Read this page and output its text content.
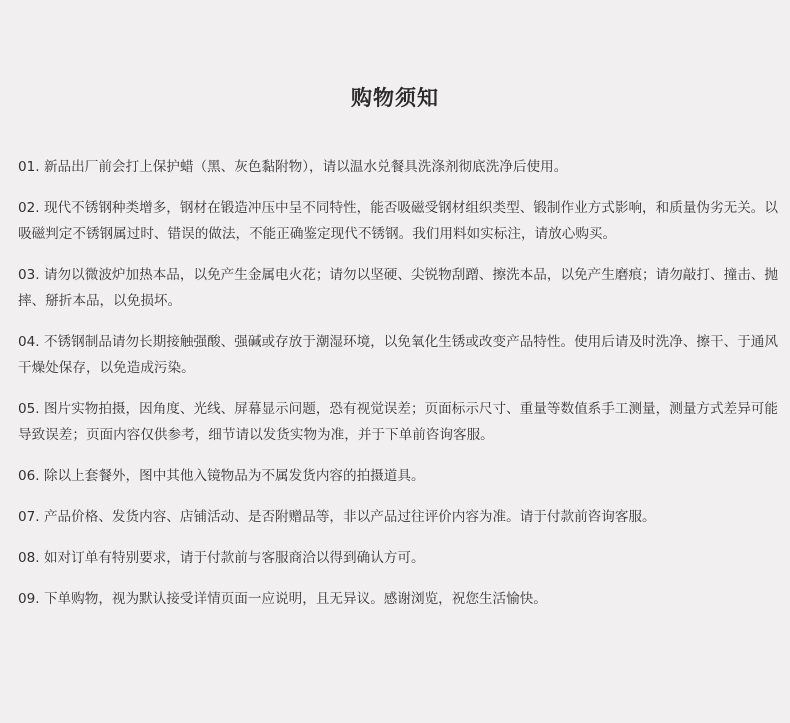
购物须知
01. 新品出厂前会打上保护蜡（黑、灰色黏附物），请以温水兑餐具洗涤剂彻底洗净后使用。
02. 现代不锈钢种类增多，钢材在锻造冲压中呈不同特性，能否吸磁受钢材组织类型、锻制作业方式影响，和质量伪劣无关。以吸磁判定不锈钢属过时、错误的做法，不能正确鉴定现代不锈钢。我们用料如实标注，请放心购买。
03. 请勿以微波炉加热本品，以免产生金属电火花；请勿以坚硬、尖锐物刮蹭、擦洗本品，以免产生磨痕；请勿敲打、撞击、抛摔、掰折本品，以免损坏。
04. 不锈钢制品请勿长期接触强酸、强碱或存放于潮湿环境，以免氧化生锈或改变产品特性。使用后请及时洗净、擦干、于通风干燥处保存，以免造成污染。
05. 图片实物拍摄，因角度、光线、屏幕显示问题，恐有视觉误差；页面标示尺寸、重量等数值系手工测量，测量方式差异可能导致误差；页面内容仅供参考，细节请以发货实物为准，并于下单前咨询客服。
06. 除以上套餐外，图中其他入镜物品为不属发货内容的拍摄道具。
07. 产品价格、发货内容、店铺活动、是否附赠品等，非以产品过往评价内容为准。请于付款前咨询客服。
08. 如对订单有特别要求，请于付款前与客服商洽以得到确认方可。
09. 下单购物，视为默认接受详情页面一应说明，且无异议。感谢浏览，祝您生活愉快。
